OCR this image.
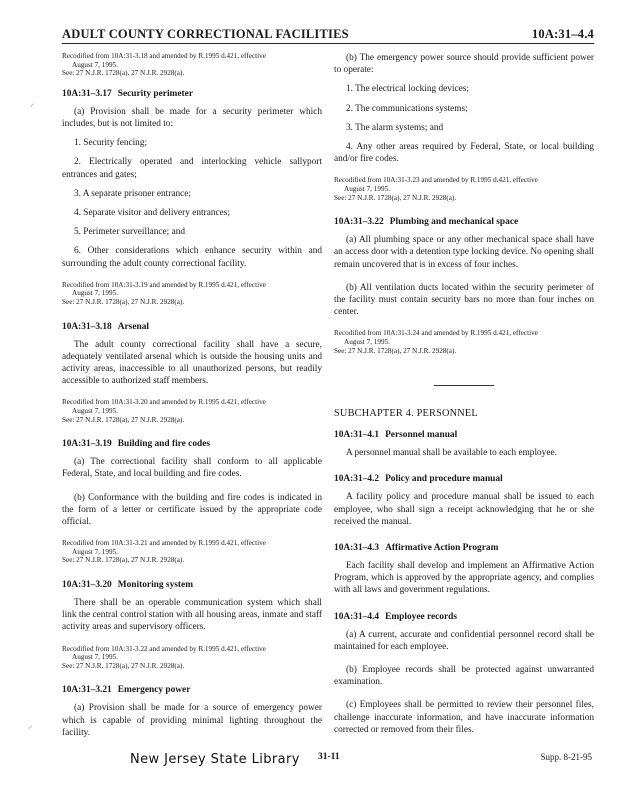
ADULT COUNTY CORRECTIONAL FACILITIES	10A:31–4.4
⸝
⸝

Recodified from 10A:31-3.18 and amended by R.1995 d.421, effective
August 7, 1995.
See: 27 N.J.R. 1728(a), 27 N.J.R. 2928(a).

10A:31–3.17 Security perimeter

(a) Provision shall be made for a security perimeter which includes, but is not limited to:

1. Security fencing;

2. Electrically operated and interlocking vehicle sallyport entrances and gates;

3. A separate prisoner entrance;

4. Separate visitor and delivery entrances;

5. Perimeter surveillance; and

6. Other considerations which enhance security within and surrounding the adult county correctional facility.

Recodified from 10A:31-3.19 and amended by R.1995 d.421, effective
August 7, 1995.
See: 27 N.J.R. 1728(a), 27 N.J.R. 2928(a).

10A:31–3.18 Arsenal

The adult county correctional facility shall have a secure, adequately ventilated arsenal which is outside the housing units and activity areas, inaccessible to all unauthorized persons, but readily accessible to authorized staff members.

Recodified from 10A:31-3.20 and amended by R.1995 d.421, effective
August 7, 1995.
See: 27 N.J.R. 1728(a), 27 N.J.R. 2928(a).

10A:31–3.19 Building and fire codes

(a) The correctional facility shall conform to all applicable Federal, State, and local building and fire codes.

(b) Conformance with the building and fire codes is indicated in the form of a letter or certificate issued by the appropriate code official.

Recodified from 10A:31-3.21 and amended by R.1995 d.421, effective
August 7, 1995.
See: 27 N.J.R. 1728(a), 27 N.J.R. 2928(a).

10A:31–3.20 Monitoring system

There shall be an operable communication system which shall link the central control station with all housing areas, inmate and staff activity areas and supervisory officers.

Recodified from 10A:31-3.22 and amended by R.1995 d.421, effective
August 7, 1995.
See: 27 N.J.R. 1728(a), 27 N.J.R. 2928(a).

10A:31–3.21 Emergency power

(a) Provision shall be made for a source of emergency power which is capable of providing minimal lighting throughout the facility.

(b) The emergency power source should provide sufficient power to operate:

1. The electrical locking devices;

2. The communications systems;

3. The alarm systems; and

4. Any other areas required by Federal, State, or local building and/or fire codes.

Recodified from 10A:31-3.23 and amended by R.1995 d.421, effective
August 7, 1995.
See: 27 N.J.R. 1728(a), 27 N.J.R. 2928(a).

10A:31–3.22 Plumbing and mechanical space

(a) All plumbing space or any other mechanical space shall have an access door with a detention type locking device. No opening shall remain uncovered that is in excess of four inches.

(b) All ventilation ducts located within the security perimeter of the facility must contain security bars no more than four inches on center.

Recodified from 10A:31-3.24 and amended by R.1995 d.421, effective
August 7, 1995.
See: 27 N.J.R. 1728(a), 27 N.J.R. 2928(a).

SUBCHAPTER 4. PERSONNEL

10A:31–4.1 Personnel manual

A personnel manual shall be available to each employee.

10A:31–4.2 Policy and procedure manual

A facility policy and procedure manual shall be issued to each employee, who shall sign a receipt acknowledging that he or she received the manual.

10A:31–4.3 Affirmative Action Program

Each facility shall develop and implement an Affirmative Action Program, which is approved by the appropriate agency, and complies with all laws and government regulations.

10A:31–4.4 Employee records

(a) A current, accurate and confidential personnel record shall be maintained for each employee.

(b) Employee records shall be protected against unwarranted examination.

(c) Employees shall be permitted to review their personnel files, challenge inaccurate information, and have inaccurate information corrected or removed from their files.

New Jersey State Library 31-11	Supp. 8-21-95
